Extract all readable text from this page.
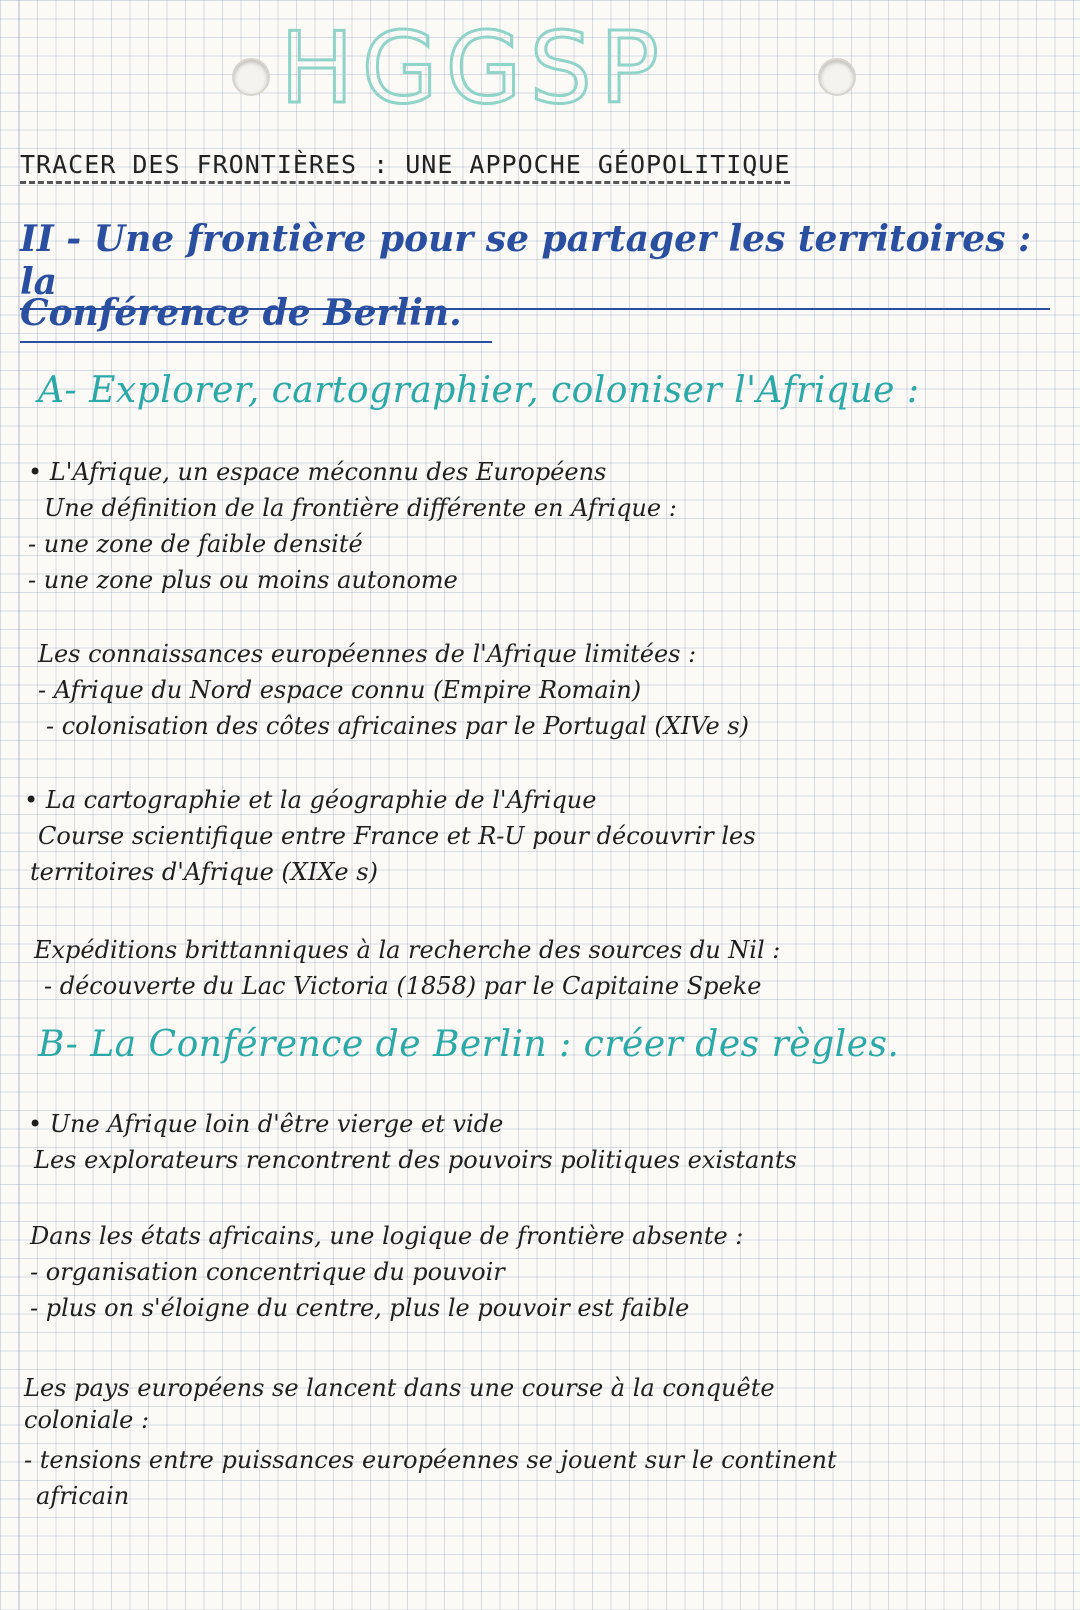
HGGSP
TRACER DES FRONTIÈRES : UNE APPOCHE GÉOPOLITIQUE
II - Une frontière pour se partager les territoires : la
Conférence de Berlin.
A- Explorer, cartographier, coloniser l'Afrique :
• L'Afrique, un espace méconnu des Européens
Une définition de la frontière différente en Afrique :
- une zone de faible densité
- une zone plus ou moins autonome
Les connaissances européennes de l'Afrique limitées :
- Afrique du Nord espace connu (Empire Romain)
- colonisation des côtes africaines par le Portugal (XIVe s)
• La cartographie et la géographie de l'Afrique
Course scientifique entre France et R-U pour découvrir les
territoires d'Afrique (XIXe s)
Expéditions brittanniques à la recherche des sources du Nil :
- découverte du Lac Victoria (1858) par le Capitaine Speke
B- La Conférence de Berlin : créer des règles.
• Une Afrique loin d'être vierge et vide
Les explorateurs rencontrent des pouvoirs politiques existants
Dans les états africains, une logique de frontière absente :
- organisation concentrique du pouvoir
- plus on s'éloigne du centre, plus le pouvoir est faible
Les pays européens se lancent dans une course à la conquête
coloniale :
- tensions entre puissances européennes se jouent sur le continent
africain
